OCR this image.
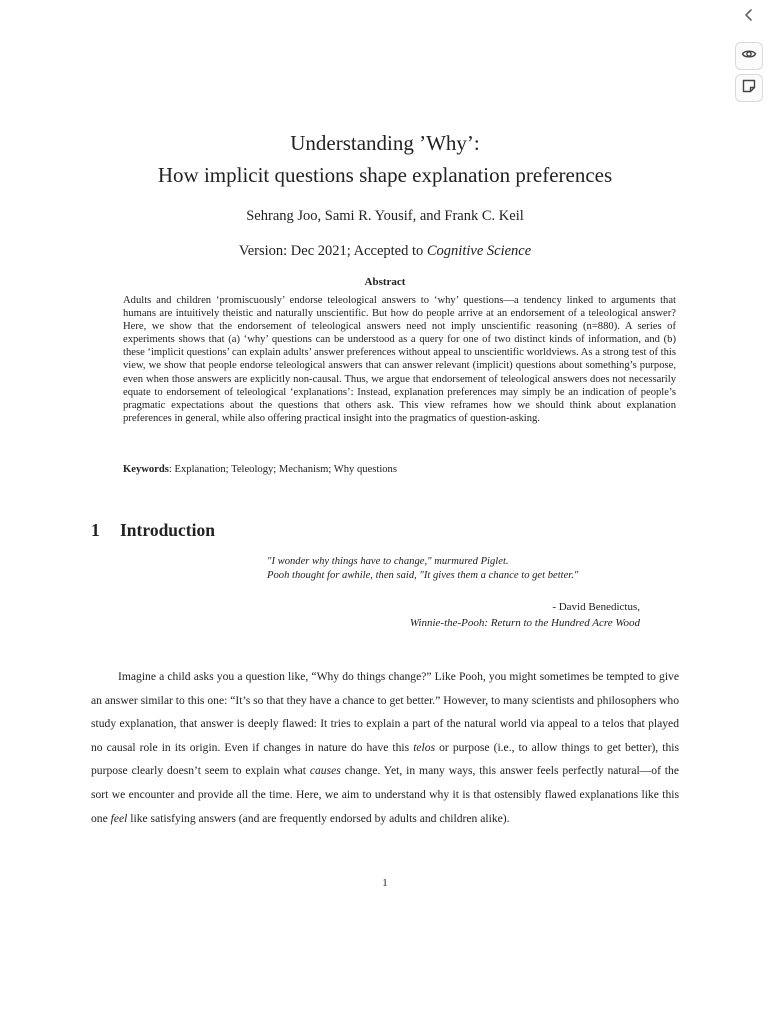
Understanding ’Why’:
How implicit questions shape explanation preferences
Sehrang Joo, Sami R. Yousif, and Frank C. Keil
Version: Dec 2021; Accepted to Cognitive Science
Abstract
Adults and children ‘promiscuously’ endorse teleological answers to ‘why’ questions—a tendency linked to arguments that humans are intuitively theistic and naturally unscientific. But how do people arrive at an endorsement of a teleological answer? Here, we show that the endorsement of teleological answers need not imply unscientific reasoning (n=880). A series of experiments shows that (a) ‘why’ questions can be understood as a query for one of two distinct kinds of information, and (b) these ‘implicit questions’ can explain adults’ answer preferences without appeal to unscientific worldviews. As a strong test of this view, we show that people endorse teleological answers that can answer relevant (implicit) questions about something’s purpose, even when those answers are explicitly non-causal. Thus, we argue that endorsement of teleological answers does not necessarily equate to endorsement of teleological ‘explanations’: Instead, explanation preferences may simply be an indication of people’s pragmatic expectations about the questions that others ask. This view reframes how we should think about explanation preferences in general, while also offering practical insight into the pragmatics of question-asking.
Keywords: Explanation; Teleology; Mechanism; Why questions
1 Introduction
"I wonder why things have to change," murmured Piglet.
Pooh thought for awhile, then said, "It gives them a chance to get better."
- David Benedictus,
Winnie-the-Pooh: Return to the Hundred Acre Wood

Imagine a child asks you a question like, “Why do things change?” Like Pooh, you might sometimes be tempted to give an answer similar to this one: “It’s so that they have a chance to get better.” However, to many scientists and philosophers who study explanation, that answer is deeply flawed: It tries to explain a part of the natural world via appeal to a telos that played no causal role in its origin. Even if changes in nature do have this telos or purpose (i.e., to allow things to get better), this purpose clearly doesn’t seem to explain what causes change. Yet, in many ways, this answer feels perfectly natural—of the sort we encounter and provide all the time. Here, we aim to understand why it is that ostensibly flawed explanations like this one feel like satisfying answers (and are frequently endorsed by adults and children alike).

1
